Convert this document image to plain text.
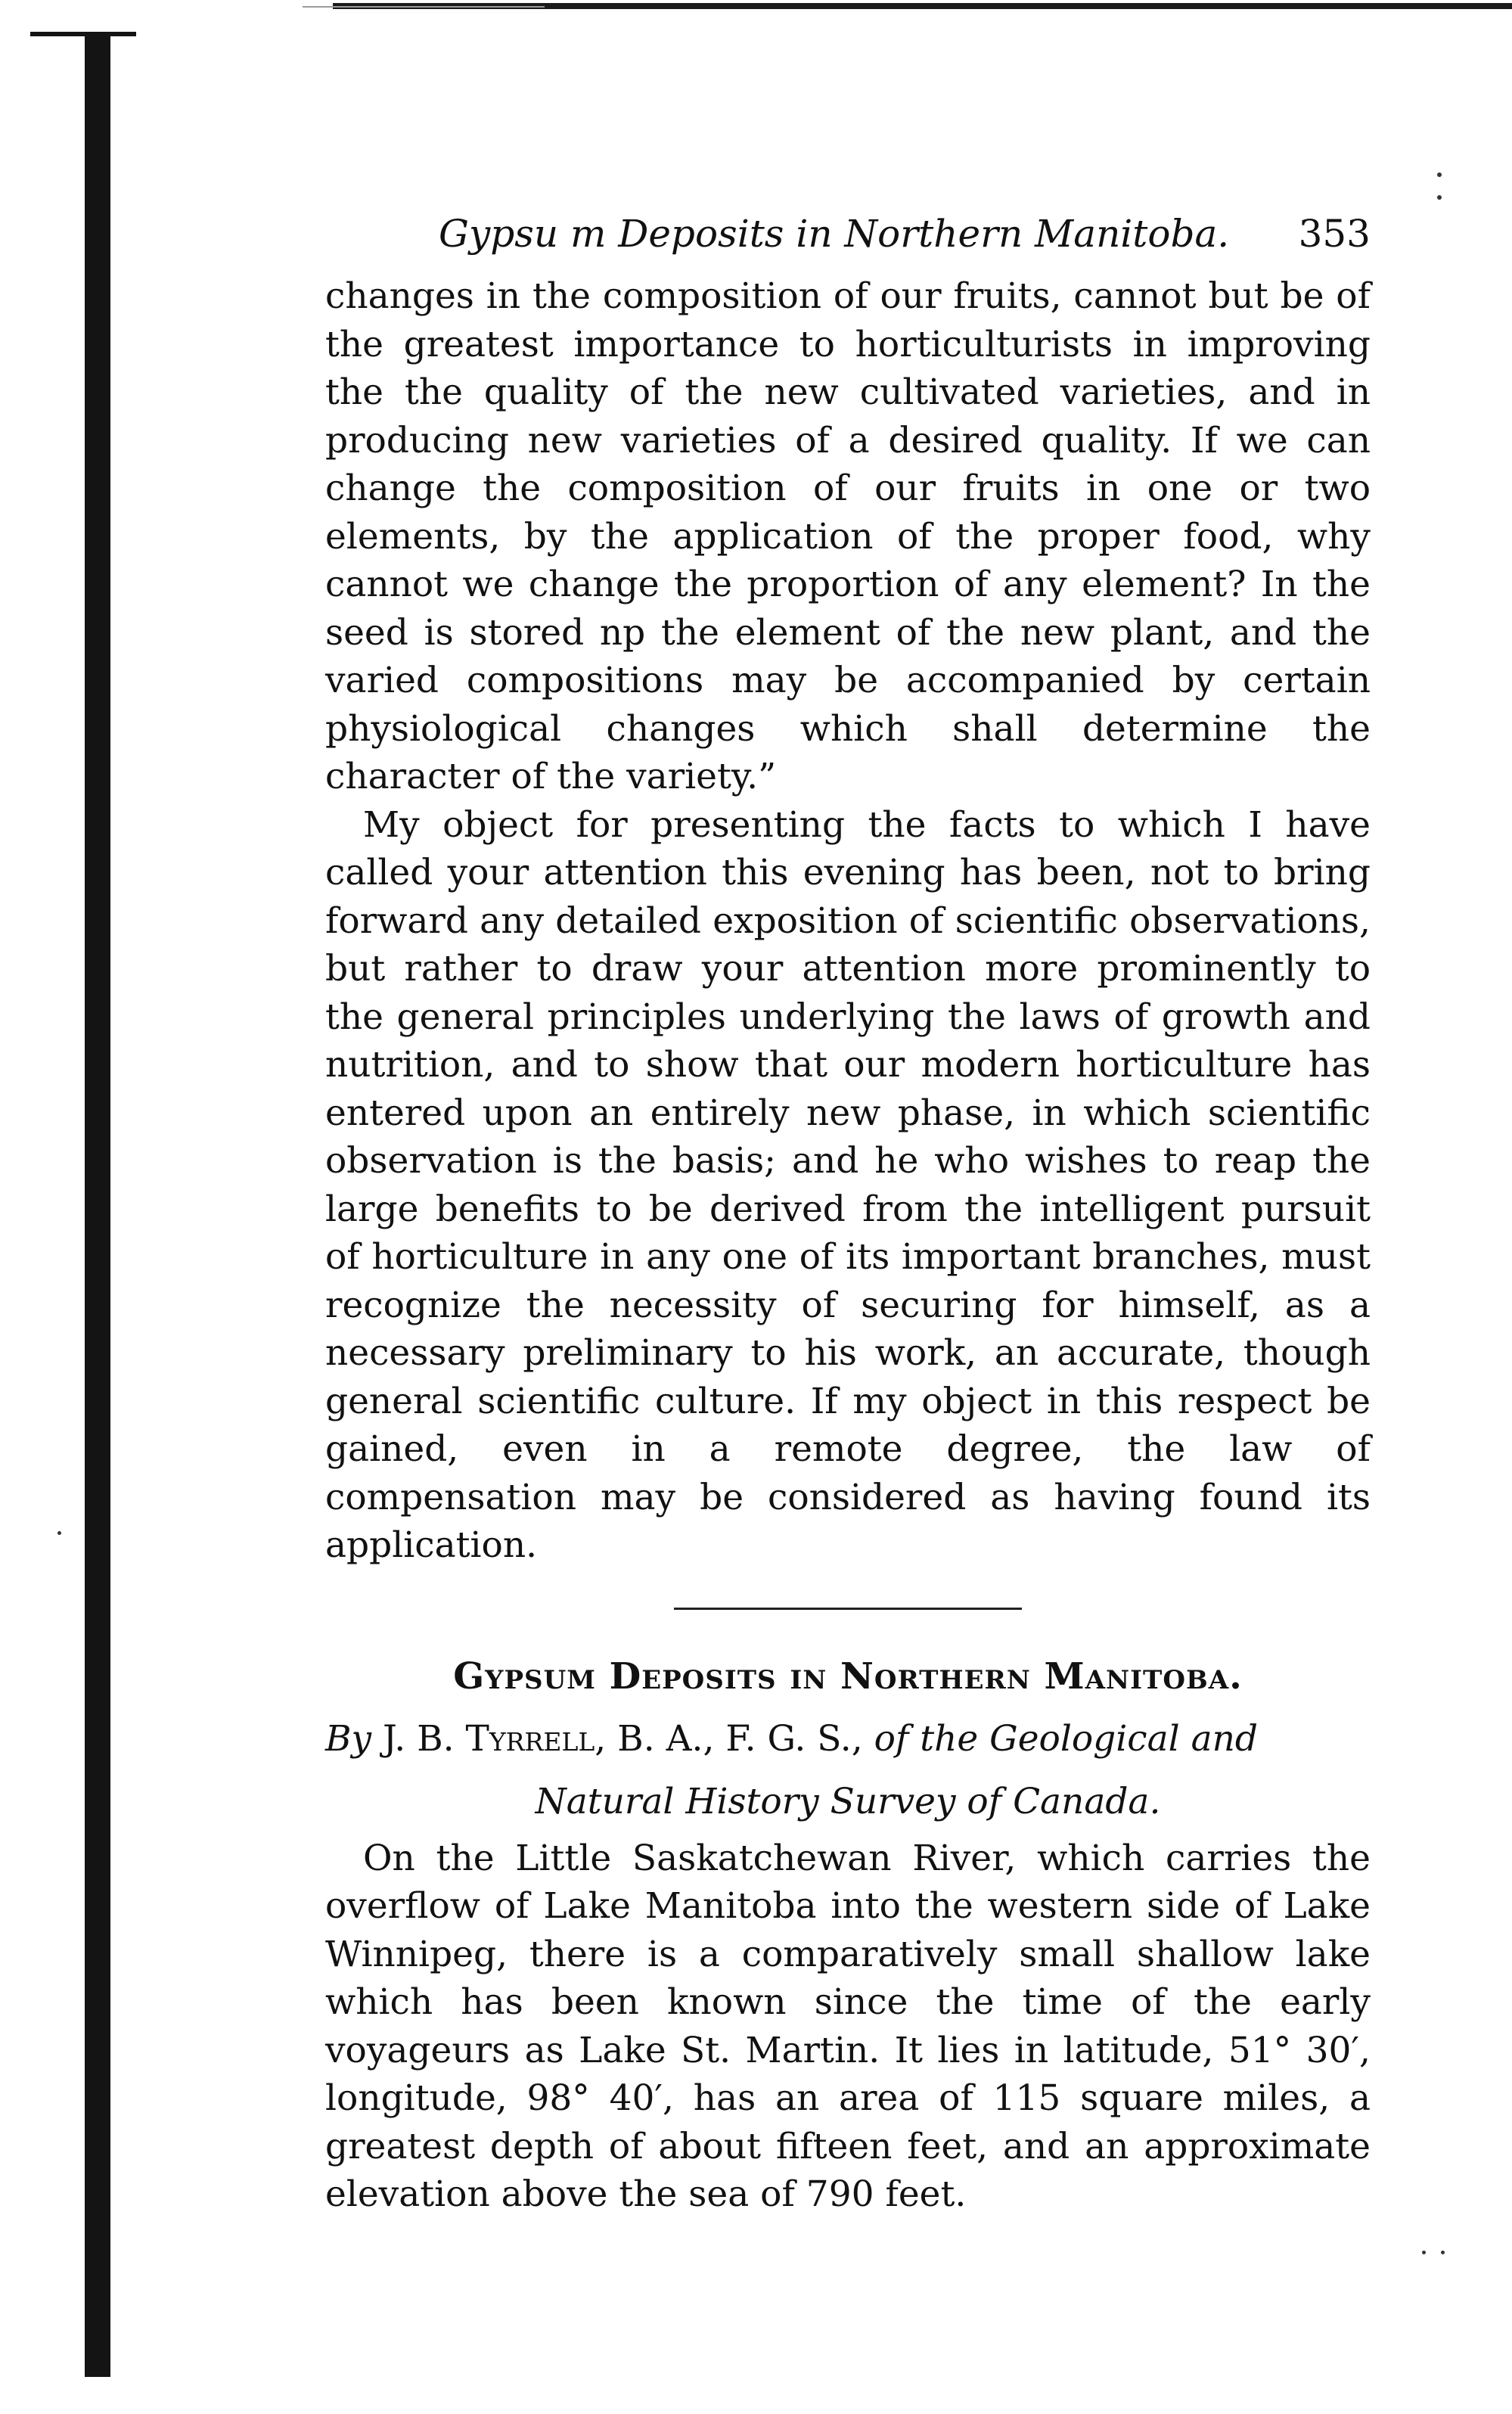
Gypsu m Deposits in Northern Manitoba. 353

changes in the composition of our fruits, cannot but be of the greatest importance to horticulturists in improving the the quality of the new cultivated varieties, and in producing new varieties of a desired quality. If we can change the composition of our fruits in one or two elements, by the application of the proper food, why cannot we change the proportion of any element? In the seed is stored np the element of the new plant, and the varied compositions may be accompanied by certain physiological changes which shall determine the character of the variety.”

My object for presenting the facts to which I have called your attention this evening has been, not to bring forward any detailed exposition of scientific observations, but rather to draw your attention more prominently to the general principles underlying the laws of growth and nutrition, and to show that our modern horticulture has entered upon an entirely new phase, in which scientific observation is the basis; and he who wishes to reap the large benefits to be derived from the intelligent pursuit of horticulture in any one of its important branches, must recognize the necessity of securing for himself, as a necessary preliminary to his work, an accurate, though general scientific culture. If my object in this respect be gained, even in a remote degree, the law of compensation may be considered as having found its application.

Gypsum Deposits in Northern Manitoba.

By J. B. Tyrrell, B. A., F. G. S., of the Geological and

Natural History Survey of Canada.

On the Little Saskatchewan River, which carries the overflow of Lake Manitoba into the western side of Lake Winnipeg, there is a comparatively small shallow lake which has been known since the time of the early voyageurs as Lake St. Martin. It lies in latitude, 51° 30′, longitude, 98° 40′, has an area of 115 square miles, a greatest depth of about fifteen feet, and an approximate elevation above the sea of 790 feet.
